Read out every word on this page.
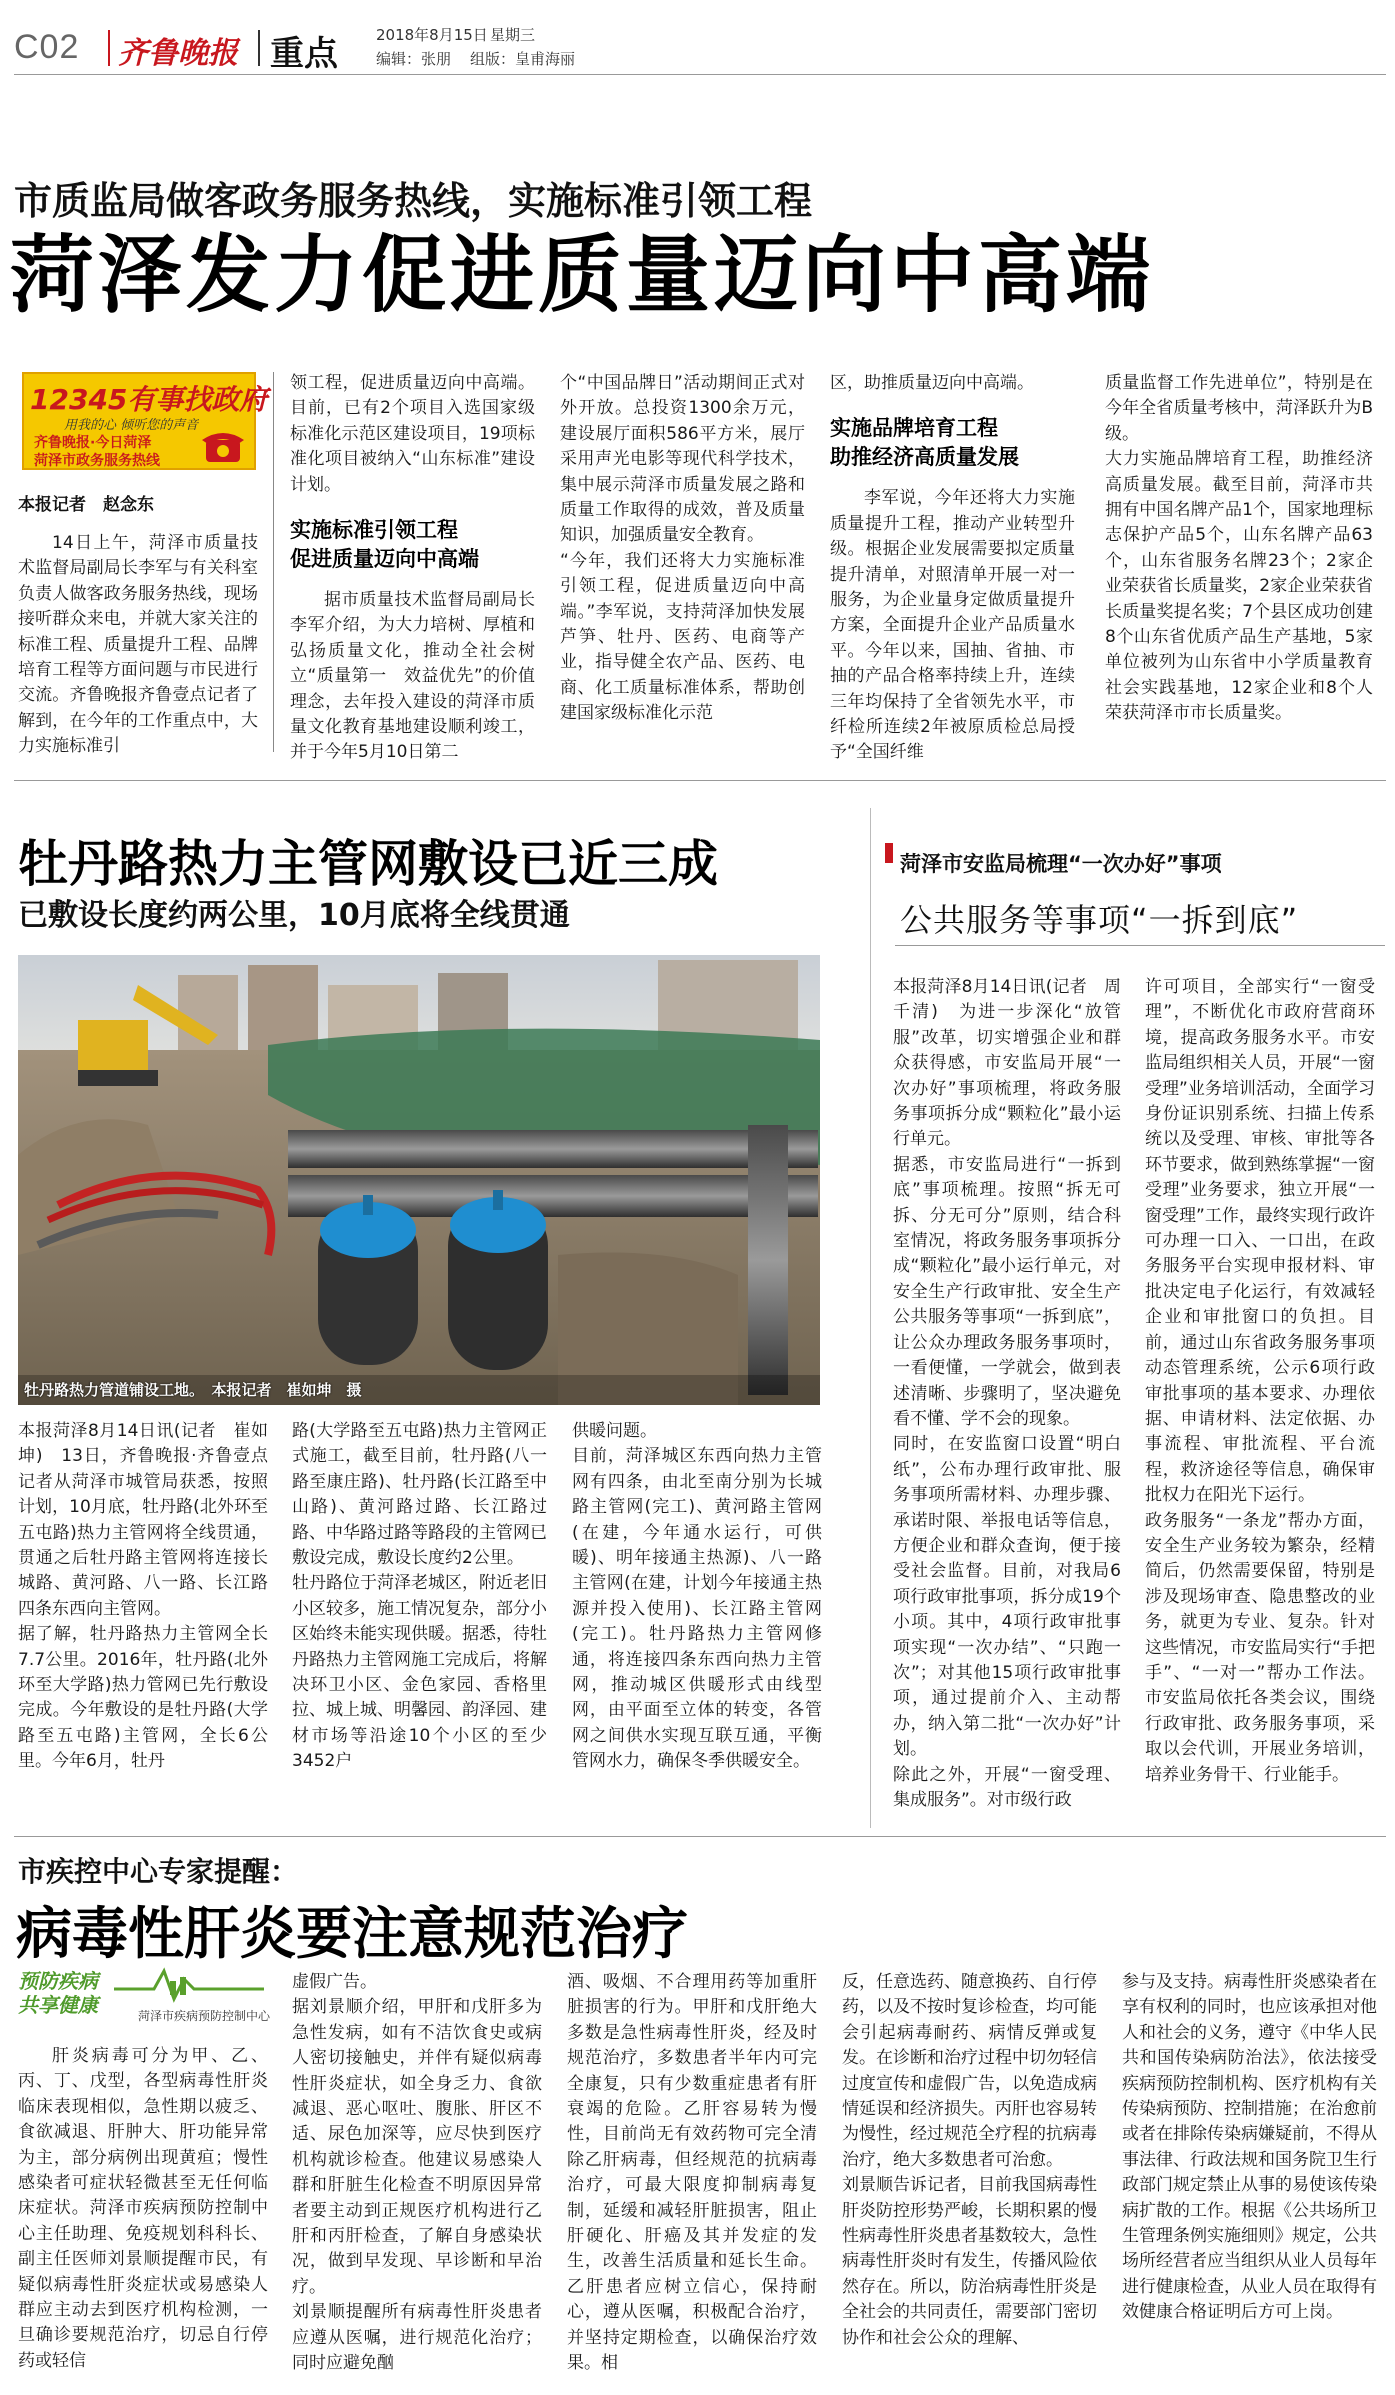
C02 齐鲁晚报 重点	2018年8月15日 星期三
编辑：张朋 组版：皇甫海丽
市质监局做客政务服务热线，实施标准引领工程
菏泽发力促进质量迈向中高端
12345有事找政府
用我的心 倾听您的声音
齐鲁晚报·今日菏泽
菏泽市政务服务热线
本报记者　赵念东
14日上午，菏泽市质量技术监督局副局长李军与有关科室负责人做客政务服务热线，现场接听群众来电，并就大家关注的标准工程、质量提升工程、品牌培育工程等方面问题与市民进行交流。齐鲁晚报齐鲁壹点记者了解到，在今年的工作重点中，大力实施标准引
领工程，促进质量迈向中高端。目前，已有2个项目入选国家级标准化示范区建设项目，19项标准化项目被纳入“山东标准”建设计划。
实施标准引领工程
促进质量迈向中高端
据市质量技术监督局副局长李军介绍，为大力培树、厚植和弘扬质量文化，推动全社会树立“质量第一　效益优先”的价值理念，去年投入建设的菏泽市质量文化教育基地建设顺利竣工，并于今年5月10日第二
个“中国品牌日”活动期间正式对外开放。总投资1300余万元，建设展厅面积586平方米，展厅采用声光电影等现代科学技术，集中展示菏泽市质量发展之路和质量工作取得的成效，普及质量知识，加强质量安全教育。
“今年，我们还将大力实施标准引领工程，促进质量迈向中高端。”李军说，支持菏泽加快发展芦笋、牡丹、医药、电商等产业，指导健全农产品、医药、电商、化工质量标准体系，帮助创建国家级标准化示范
区，助推质量迈向中高端。
实施品牌培育工程
助推经济高质量发展
李军说，今年还将大力实施质量提升工程，推动产业转型升级。根据企业发展需要拟定质量提升清单，对照清单开展一对一服务，为企业量身定做质量提升方案，全面提升企业产品质量水平。今年以来，国抽、省抽、市抽的产品合格率持续上升，连续三年均保持了全省领先水平，市纤检所连续2年被原质检总局授予“全国纤维
质量监督工作先进单位”，特别是在今年全省质量考核中，菏泽跃升为B级。
大力实施品牌培育工程，助推经济高质量发展。截至目前，菏泽市共拥有中国名牌产品1个，国家地理标志保护产品5个，山东名牌产品63个，山东省服务名牌23个；2家企业荣获省长质量奖，2家企业荣获省长质量奖提名奖；7个县区成功创建8个山东省优质产品生产基地，5家单位被列为山东省中小学质量教育社会实践基地，12家企业和8个人荣获菏泽市市长质量奖。
牡丹路热力主管网敷设已近三成
已敷设长度约两公里，10月底将全线贯通
牡丹路热力管道铺设工地。　本报记者　崔如坤　摄
本报菏泽8月14日讯(记者　崔如坤)　13日，齐鲁晚报·齐鲁壹点记者从菏泽市城管局获悉，按照计划，10月底，牡丹路(北外环至五屯路)热力主管网将全线贯通，贯通之后牡丹路主管网将连接长城路、黄河路、八一路、长江路四条东西向主管网。
据了解，牡丹路热力主管网全长7.7公里。2016年，牡丹路(北外环至大学路)热力管网已先行敷设完成。今年敷设的是牡丹路(大学路至五屯路)主管网，全长6公里。今年6月，牡丹
路(大学路至五屯路)热力主管网正式施工，截至目前，牡丹路(八一路至康庄路)、牡丹路(长江路至中山路)、黄河路过路、长江路过路、中华路过路等路段的主管网已敷设完成，敷设长度约2公里。
牡丹路位于菏泽老城区，附近老旧小区较多，施工情况复杂，部分小区始终未能实现供暖。据悉，待牡丹路热力主管网施工完成后，将解决环卫小区、金色家园、香格里拉、城上城、明馨园、韵泽园、建材市场等沿途10个小区的至少3452户
供暖问题。
目前，菏泽城区东西向热力主管网有四条，由北至南分别为长城路主管网(完工)、黄河路主管网(在建，今年通水运行，可供暖)、明年接通主热源)、八一路主管网(在建，计划今年接通主热源并投入使用)、长江路主管网(完工)。牡丹路热力主管网修通，将连接四条东西向热力主管网，推动城区供暖形式由线型网，由平面至立体的转变，各管网之间供水实现互联互通，平衡管网水力，确保冬季供暖安全。
菏泽市安监局梳理“一次办好”事项
公共服务等事项“一拆到底”
本报菏泽8月14日讯(记者　周千清)　为进一步深化“放管服”改革，切实增强企业和群众获得感，市安监局开展“一次办好”事项梳理，将政务服务事项拆分成“颗粒化”最小运行单元。
据悉，市安监局进行“一拆到底”事项梳理。按照“拆无可拆、分无可分”原则，结合科室情况，将政务服务事项拆分成“颗粒化”最小运行单元，对安全生产行政审批、安全生产公共服务等事项“一拆到底”，让公众办理政务服务事项时，一看便懂，一学就会，做到表述清晰、步骤明了，坚决避免看不懂、学不会的现象。
同时，在安监窗口设置“明白纸”，公布办理行政审批、服务事项所需材料、办理步骤、承诺时限、举报电话等信息，方便企业和群众查询，便于接受社会监督。目前，对我局6项行政审批事项，拆分成19个小项。其中，4项行政审批事项实现“一次办结”、“只跑一次”；对其他15项行政审批事项，通过提前介入、主动帮办，纳入第二批“一次办好”计划。
除此之外，开展“一窗受理、集成服务”。对市级行政
许可项目，全部实行“一窗受理”，不断优化市政府营商环境，提高政务服务水平。市安监局组织相关人员，开展“一窗受理”业务培训活动，全面学习身份证识别系统、扫描上传系统以及受理、审核、审批等各环节要求，做到熟练掌握“一窗受理”业务要求，独立开展“一窗受理”工作，最终实现行政许可办理一口入、一口出，在政务服务平台实现申报材料、审批决定电子化运行，有效减轻企业和审批窗口的负担。目前，通过山东省政务服务事项动态管理系统，公示6项行政审批事项的基本要求、办理依据、申请材料、法定依据、办事流程、审批流程、平台流程，救济途径等信息，确保审批权力在阳光下运行。
政务服务“一条龙”帮办方面，安全生产业务较为繁杂，经精简后，仍然需要保留，特别是涉及现场审查、隐患整改的业务，就更为专业、复杂。针对这些情况，市安监局实行“手把手”、“一对一”帮办工作法。市安监局依托各类会议，围绕行政审批、政务服务事项，采取以会代训，开展业务培训，培养业务骨干、行业能手。
市疾控中心专家提醒：
病毒性肝炎要注意规范治疗
预防疾病
共享健康	菏泽市疾病预防控制中心
肝炎病毒可分为甲、乙、丙、丁、戊型，各型病毒性肝炎临床表现相似，急性期以疲乏、食欲减退、肝肿大、肝功能异常为主，部分病例出现黄疸；慢性感染者可症状轻微甚至无任何临床症状。菏泽市疾病预防控制中心主任助理、免疫规划科科长、副主任医师刘景顺提醒市民，有疑似病毒性肝炎症状或易感染人群应主动去到医疗机构检测，一旦确诊要规范治疗，切忌自行停药或轻信
虚假广告。
据刘景顺介绍，甲肝和戊肝多为急性发病，如有不洁饮食史或病人密切接触史，并伴有疑似病毒性肝炎症状，如全身乏力、食欲减退、恶心呕吐、腹胀、肝区不适、尿色加深等，应尽快到医疗机构就诊检查。他建议易感染人群和肝脏生化检查不明原因异常者要主动到正规医疗机构进行乙肝和丙肝检查，了解自身感染状况，做到早发现、早诊断和早治疗。
刘景顺提醒所有病毒性肝炎患者应遵从医嘱，进行规范化治疗；同时应避免酗
酒、吸烟、不合理用药等加重肝脏损害的行为。甲肝和戊肝绝大多数是急性病毒性肝炎，经及时规范治疗，多数患者半年内可完全康复，只有少数重症患者有肝衰竭的危险。乙肝容易转为慢性，目前尚无有效药物可完全清除乙肝病毒，但经规范的抗病毒治疗，可最大限度抑制病毒复制，延缓和减轻肝脏损害，阻止肝硬化、肝癌及其并发症的发生，改善生活质量和延长生命。乙肝患者应树立信心，保持耐心，遵从医嘱，积极配合治疗，并坚持定期检查，以确保治疗效果。相
反，任意选药、随意换药、自行停药，以及不按时复诊检查，均可能会引起病毒耐药、病情反弹或复发。在诊断和治疗过程中切勿轻信过度宣传和虚假广告，以免造成病情延误和经济损失。丙肝也容易转为慢性，经过规范全疗程的抗病毒治疗，绝大多数患者可治愈。
刘景顺告诉记者，目前我国病毒性肝炎防控形势严峻，长期积累的慢性病毒性肝炎患者基数较大，急性病毒性肝炎时有发生，传播风险依然存在。所以，防治病毒性肝炎是全社会的共同责任，需要部门密切协作和社会公众的理解、
参与及支持。病毒性肝炎感染者在享有权利的同时，也应该承担对他人和社会的义务，遵守《中华人民共和国传染病防治法》，依法接受疾病预防控制机构、医疗机构有关传染病预防、控制措施；在治愈前或者在排除传染病嫌疑前，不得从事法律、行政法规和国务院卫生行政部门规定禁止从事的易使该传染病扩散的工作。根据《公共场所卫生管理条例实施细则》规定，公共场所经营者应当组织从业人员每年进行健康检查，从业人员在取得有效健康合格证明后方可上岗。
